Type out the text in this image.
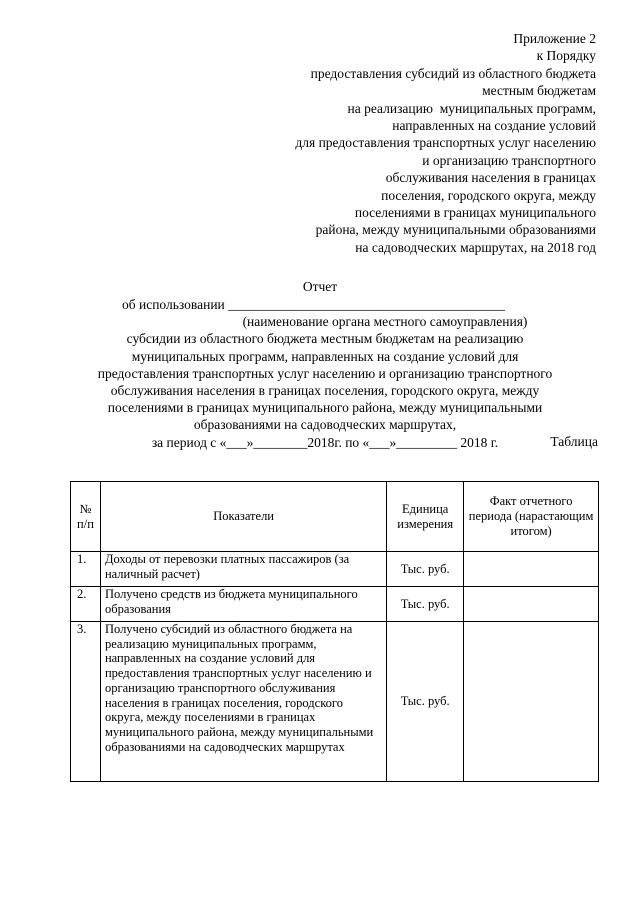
Приложение 2
к Порядку
предоставления субсидий из областного бюджета
местным бюджетам
на реализацию  муниципальных программ,
направленных на создание условий
для предоставления транспортных услуг населению
и организацию транспортного
обслуживания населения в границах
поселения, городского округа, между
поселениями в границах муниципального
района, между муниципальными образованиями
на садоводческих маршрутах, на 2018 год
Отчет
об использовании _________________________________________
(наименование органа местного самоуправления)
субсидии из областного бюджета местным бюджетам на реализацию
муниципальных программ, направленных на создание условий для
предоставления транспортных услуг населению и организацию транспортного
обслуживания населения в границах поселения, городского округа, между
поселениями в границах муниципального района, между муниципальными
образованиями на садоводческих маршрутах,
за период с «___»________2018г. по «___»_________ 2018 г.	Таблица
№ п/п	Показатели	Единица измерения	Факт отчетного периода (нарастающим итогом)
1.	Доходы от перевозки платных пассажиров (за наличный расчет)	Тыс. руб.	
2.	Получено средств из бюджета муниципального образования	Тыс. руб.	
3.	Получено субсидий из областного бюджета на реализацию муниципальных программ, направленных на создание условий для предоставления транспортных услуг населению и организацию транспортного обслуживания населения в границах поселения, городского округа, между поселениями в границах муниципального района, между муниципальными образованиями на садоводческих маршрутах	Тыс. руб.	
